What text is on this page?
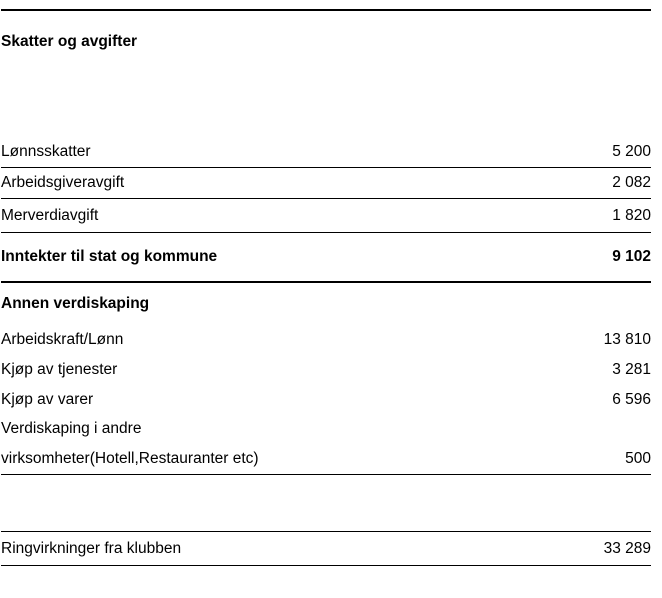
Skatter og avgifter	

Lønnsskatter	5 200
Arbeidsgiveravgift	2 082
Merverdiavgift	1 820
Inntekter til stat og kommune	9 102
Annen verdiskaping	
Arbeidskraft/Lønn	13 810
Kjøp av tjenester	3 281
Kjøp av varer	6 596
Verdiskaping i andre	
virksomheter(Hotell,Restauranter etc)	500

Ringvirkninger fra klubben	33 289
